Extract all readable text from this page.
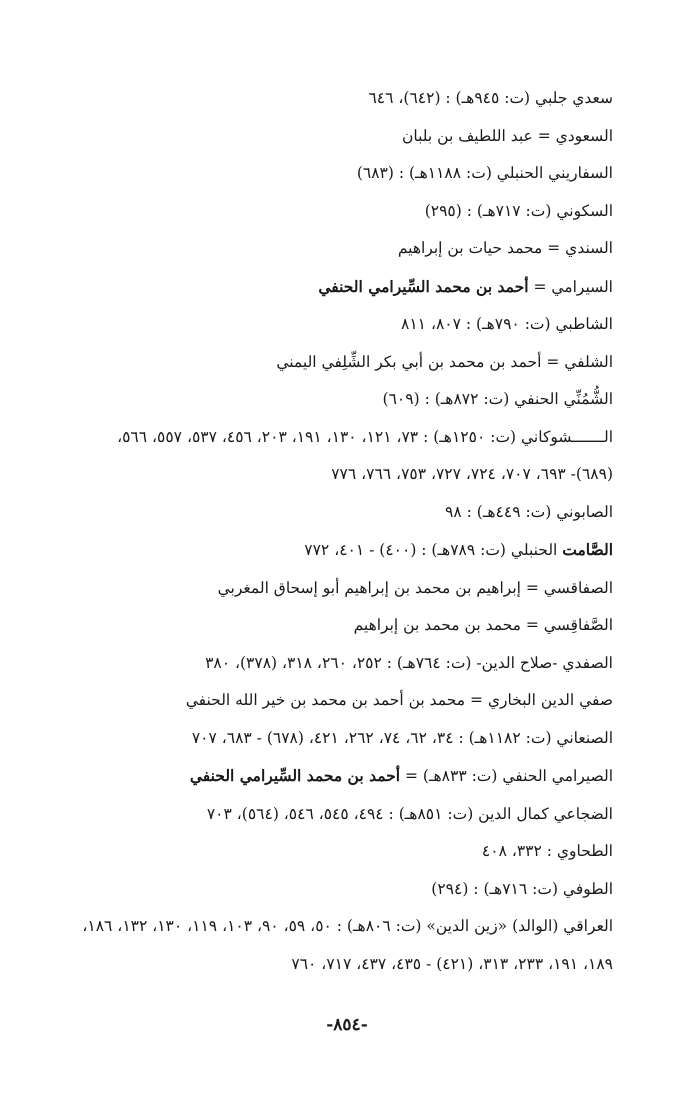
سعدي جلبي (ت: ٩٤٥هـ) : (٦٤٢)، ٦٤٦
السعودي = عبد اللطيف بن بلبان
السفاريني الحنبلي (ت: ١١٨٨هـ) : (٦٨٣)
السكوني (ت: ٧١٧هـ) : (٢٩٥)
السندي = محمد حيات بن إبراهيم
السيرامي = أحمد بن محمد السِّيرامي الحنفي
الشاطبي (ت: ٧٩٠هـ) : ٨٠٧، ٨١١
الشلفي = أحمد بن محمد بن أبي بكر الشِّلِفي اليمني
الشُّمُنِّي الحنفي (ت: ٨٧٢هـ) : (٦٠٩)
الـــــــشوكاني (ت: ١٢٥٠هـ) : ٧٣، ١٢١، ١٣٠، ١٩١، ٢٠٣، ٤٥٦، ٥٣٧، ٥٥٧، ٥٦٦،
(٦٨٩)- ٦٩٣، ٧٠٧، ٧٢٤، ٧٢٧، ٧٥٣، ٧٦٦، ٧٧٦
الصابوني (ت: ٤٤٩هـ) : ٩٨
الصَّامت الحنبلي (ت: ٧٨٩هـ) : (٤٠٠) - ٤٠١، ٧٧٢
الصفاقسي = إبراهيم بن محمد بن إبراهيم أبو إسحاق المغربي
الصَّفاقِسي = محمد بن محمد بن إبراهيم
الصفدي -صلاح الدين- (ت: ٧٦٤هـ) : ٢٥٢، ٢٦٠، ٣١٨، (٣٧٨)، ٣٨٠
صفي الدين البخاري = محمد بن أحمد بن محمد بن خير الله الحنفي
الصنعاني (ت: ١١٨٢هـ) : ٣٤، ٦٢، ٧٤، ٢٦٢، ٤٢١، (٦٧٨) - ٦٨٣، ٧٠٧
الصيرامي الحنفي (ت: ٨٣٣هـ) = أحمد بن محمد السِّيرامي الحنفي
الضجاعي كمال الدين (ت: ٨٥١هـ) : ٤٩٤، ٥٤٥، ٥٤٦، (٥٦٤)، ٧٠٣
الطحاوي : ٣٣٢، ٤٠٨
الطوفي (ت: ٧١٦هـ) : (٢٩٤)
العراقي (الوالد) «زين الدين» (ت: ٨٠٦هـ) : ٥٠، ٥٩، ٩٠، ١٠٣، ١١٩، ١٣٠، ١٣٢، ١٨٦،
١٨٩، ١٩١، ٢٣٣، ٣١٣، (٤٢١) - ٤٣٥، ٤٣٧، ٧١٧، ٧٦٠
-٨٥٤-
